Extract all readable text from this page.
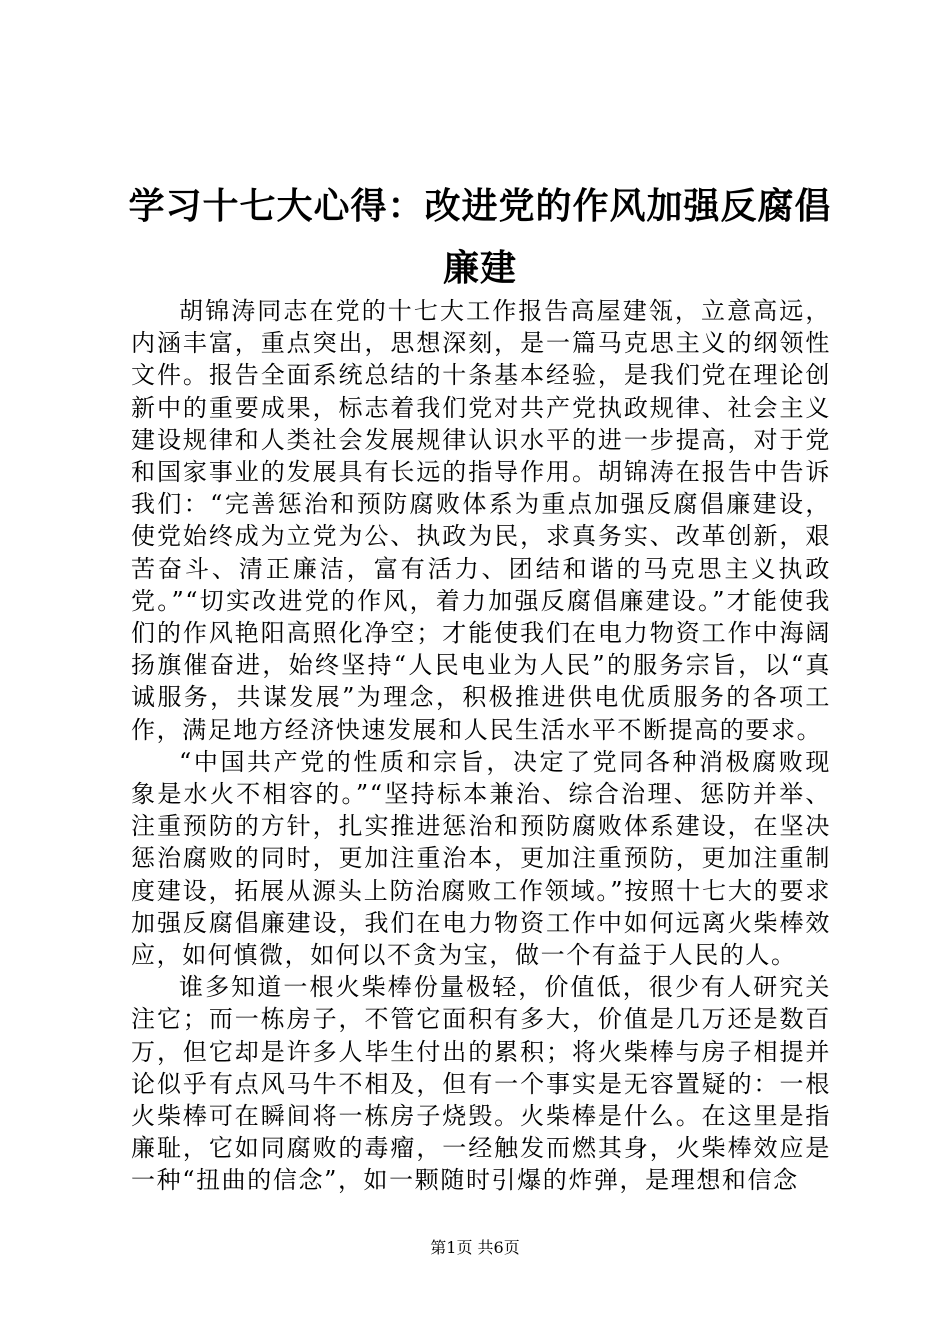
学习十七大心得：改进党的作风加强反腐倡廉建

胡锦涛同志在党的十七大工作报告高屋建瓴，立意高远，内涵丰富，重点突出，思想深刻，是一篇马克思主义的纲领性文件。报告全面系统总结的十条基本经验，是我们党在理论创新中的重要成果，标志着我们党对共产党执政规律、社会主义建设规律和人类社会发展规律认识水平的进一步提高，对于党和国家事业的发展具有长远的指导作用。胡锦涛在报告中告诉我们：“完善惩治和预防腐败体系为重点加强反腐倡廉建设，使党始终成为立党为公、执政为民，求真务实、改革创新，艰苦奋斗、清正廉洁，富有活力、团结和谐的马克思主义执政党。”“切实改进党的作风，着力加强反腐倡廉建设。”才能使我们的作风艳阳高照化净空；才能使我们在电力物资工作中海阔扬旗催奋进，始终坚持“人民电业为人民”的服务宗旨，以“真诚服务，共谋发展”为理念，积极推进供电优质服务的各项工作，满足地方经济快速发展和人民生活水平不断提高的要求。

“中国共产党的性质和宗旨，决定了党同各种消极腐败现象是水火不相容的。”“坚持标本兼治、综合治理、惩防并举、注重预防的方针，扎实推进惩治和预防腐败体系建设，在坚决惩治腐败的同时，更加注重治本，更加注重预防，更加注重制度建设，拓展从源头上防治腐败工作领域。”按照十七大的要求加强反腐倡廉建设，我们在电力物资工作中如何远离火柴棒效应，如何慎微，如何以不贪为宝，做一个有益于人民的人。

谁多知道一根火柴棒份量极轻，价值低，很少有人研究关注它；而一栋房子，不管它面积有多大，价值是几万还是数百万，但它却是许多人毕生付出的累积；将火柴棒与房子相提并论似乎有点风马牛不相及，但有一个事实是无容置疑的：一根火柴棒可在瞬间将一栋房子烧毁。火柴棒是什么。在这里是指廉耻，它如同腐败的毒瘤，一经触发而燃其身，火柴棒效应是一种“扭曲的信念”，如一颗随时引爆的炸弹，是理想和信念

第1页 共6页
